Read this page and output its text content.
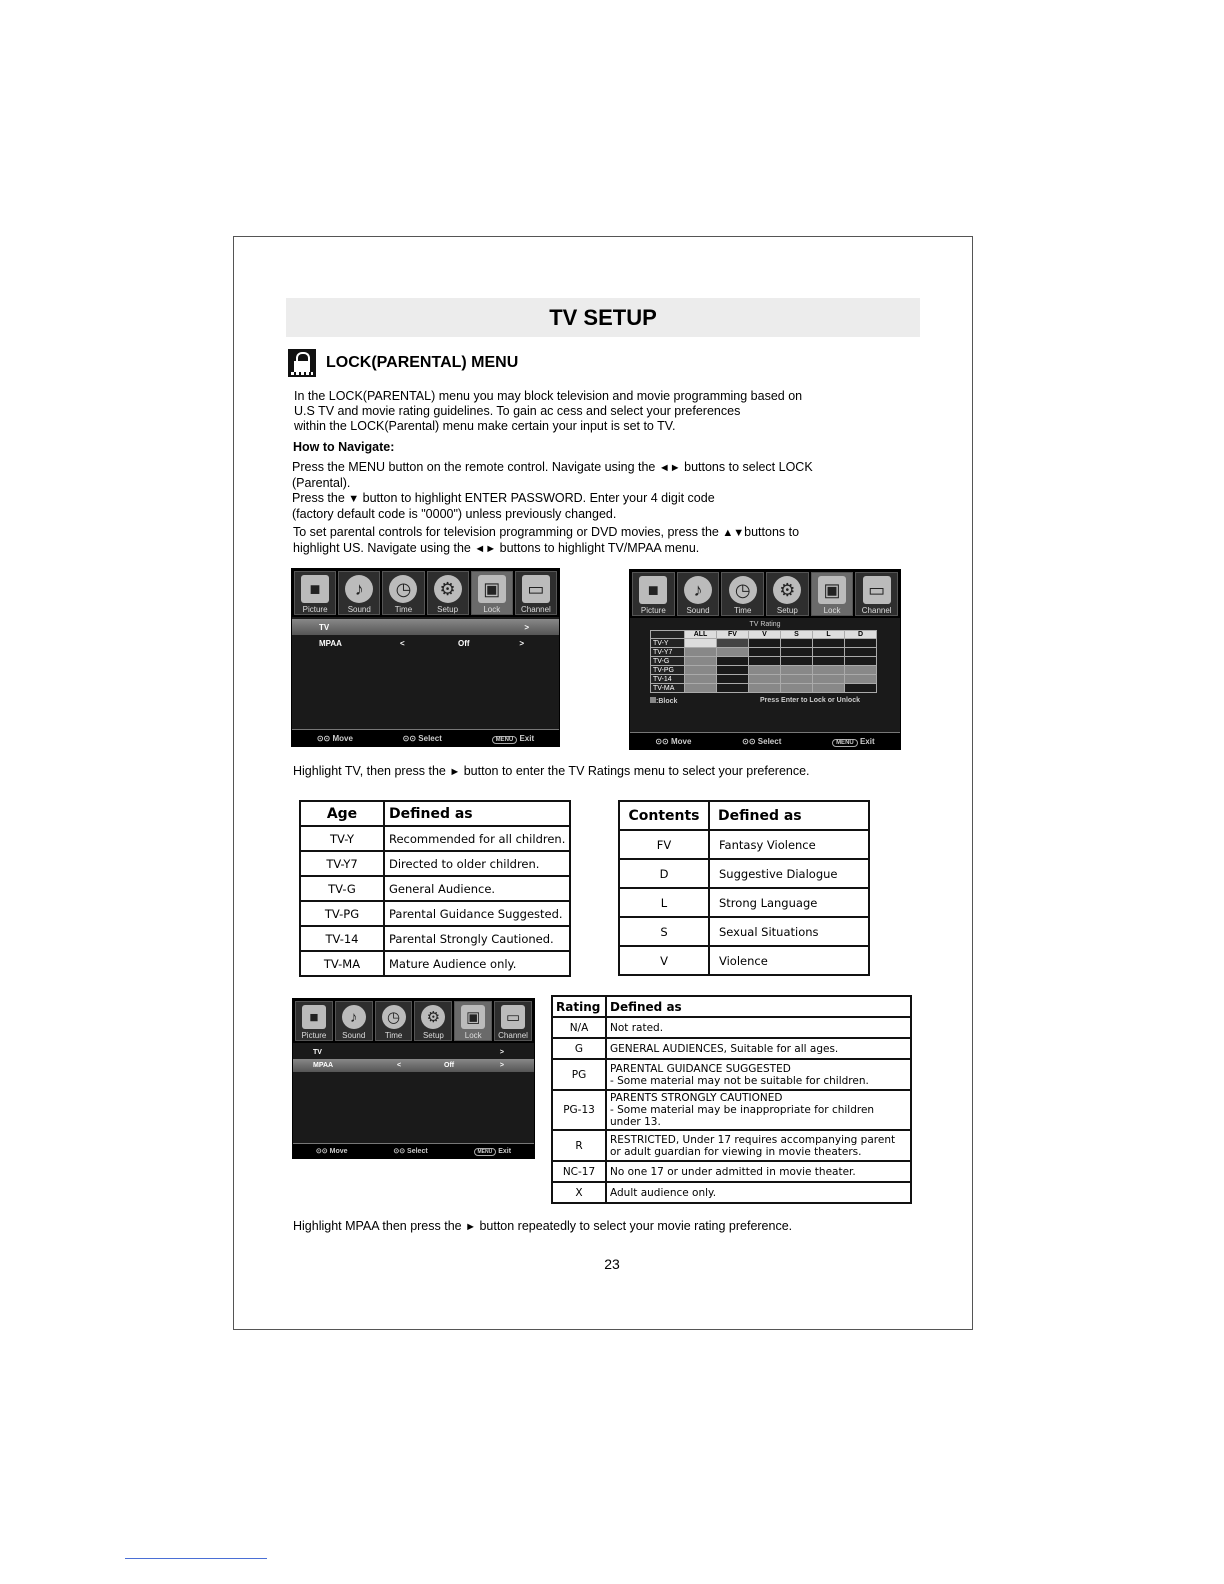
TV SETUP
LOCK(PARENTAL) MENU

In the LOCK(PARENTAL) menu you may block television and movie programming based on

U.S TV and movie rating guidelines. To gain ac cess and select your preferences

within the LOCK(Parental) menu make certain your input is set to TV.

How to Navigate:

Press the MENU button on the remote control. Navigate using the ◄► buttons to select LOCK

(Parental).

Press the ▼ button to highlight ENTER PASSWORD. Enter your 4 digit code

(factory default code is "0000") unless previously changed.

To set parental controls for television programming or DVD movies, press the ▲▼buttons to

highlight US. Navigate using the ◄► buttons to highlight TV/MPAA menu.

■
Picture
♪
Sound
◷
Time
⚙
Setup
▣
Lock
▭
Channel
TV	>
MPAA	<	Off	>
⊙⊙ Move	⊙⊙ Select	MENU Exit
■
Picture
♪
Sound
◷
Time
⚙
Setup
▣
Lock
▭
Channel
TV Rating
	ALL	FV	V	S	L	D
TV-Y						
TV-Y7						
TV-G						
TV-PG						
TV-14						
TV-MA						
:Block	Press Enter to Lock or Unlock
⊙⊙ Move	⊙⊙ Select	MENU Exit
Highlight TV, then press the ► button to enter the TV Ratings menu to select your preference.
Age	Defined as
TV-Y	Recommended for all children.
TV-Y7	Directed to older children.
TV-G	General Audience.
TV-PG	Parental Guidance Suggested.
TV-14	Parental Strongly Cautioned.
TV-MA	Mature Audience only.
Contents	Defined as
FV	Fantasy Violence
D	Suggestive Dialogue
L	Strong Language
S	Sexual Situations
V	Violence
■
Picture
♪
Sound
◷
Time
⚙
Setup
▣
Lock
▭
Channel
TV	>
MPAA	<	Off	>
⊙⊙ Move	⊙⊙ Select	MENU Exit
Rating	Defined as
N/A	Not rated.

G	GENERAL AUDIENCES, Suitable for all ages.

PG	PARENTAL GUIDANCE SUGGESTED
- Some material may not be suitable for children.

PG-13	PARENTS STRONGLY CAUTIONED
- Some material may be inappropriate for children under 13.

R	RESTRICTED, Under 17 requires accompanying parent
or adult guardian for viewing in movie theaters.

NC-17	No one 17 or under admitted in movie theater.

X	Adult audience only.
Highlight MPAA then press the ► button repeatedly to select your movie rating preference.
23
